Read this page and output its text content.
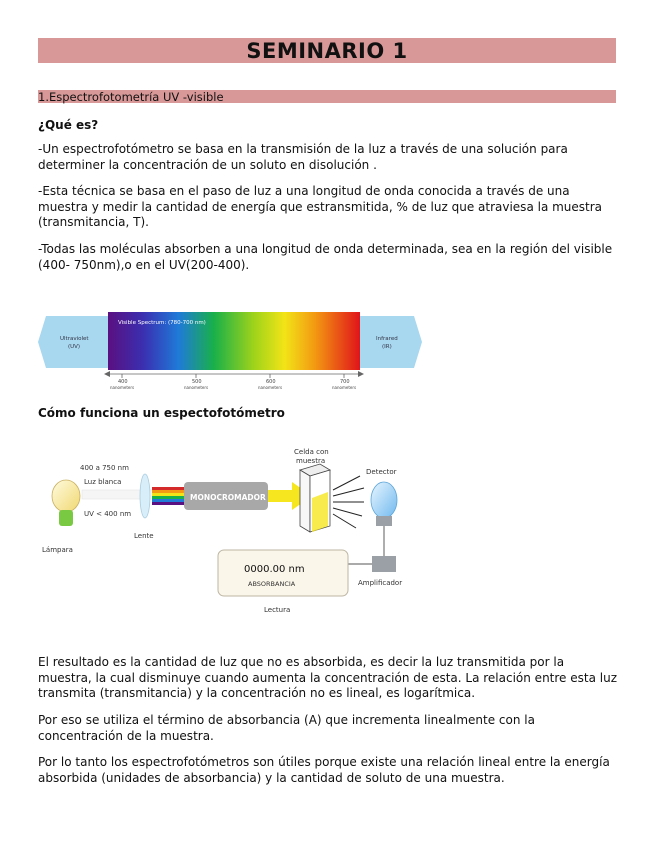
SEMINARIO 1
1.Espectrofotometría UV -visible
¿Qué es?

-Un espectrofotómetro se basa en la transmisión de la luz a través de una solución para determiner la concentración de un soluto en disolución .

-Esta técnica se basa en el paso de luz a una longitud de onda conocida a través de una muestra y medir la cantidad de energía que estransmitida, % de luz que atraviesa la muestra (transmitancia, T).

-Todas las moléculas absorben a una longitud de onda determinada, sea en la región del visible (400- 750nm),o en el UV(200-400).

Ultraviolet
(UV)
Visible Spectrum: (780-700 nm)
Infrared
(IR)
400
nanometers
500
nanometers
600
nanometers
700
nanometers
Cómo funciona un espectofotómetro
Lámpara
400 a 750 nm
Luz blanca
UV < 400 nm
Lente
MONOCROMADOR
Celda con
muestra
Detector
Amplificador
0000.00 nm
ABSORBANCIA
Lectura

El resultado es la cantidad de luz que no es absorbida, es decir la luz transmitida por la muestra, la cual disminuye cuando aumenta la concentración de esta. La relación entre esta luz transmita (transmitancia) y la concentración no es lineal, es logarítmica.

Por eso se utiliza el término de absorbancia (A) que incrementa linealmente con la concentración de la muestra.

Por lo tanto los espectrofotómetros son útiles porque existe una relación lineal entre la energía absorbida (unidades de absorbancia) y la cantidad de soluto de una muestra.
